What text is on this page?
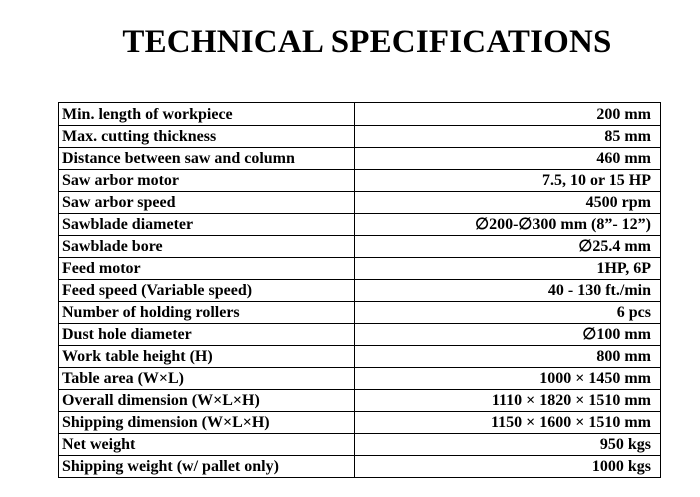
TECHNICAL SPECIFICATIONS
Min. length of workpiece	200 mm
Max. cutting thickness	85 mm
Distance between saw and column	460 mm
Saw arbor motor	7.5, 10 or 15 HP
Saw arbor speed	4500 rpm
Sawblade diameter	∅200-∅300 mm (8”- 12”)
Sawblade bore	∅25.4 mm
Feed motor	1HP, 6P
Feed speed (Variable speed)	40 - 130 ft./min
Number of holding rollers	6 pcs
Dust hole diameter	∅100 mm
Work table height (H)	800 mm
Table area (W×L)	1000 × 1450 mm
Overall dimension (W×L×H)	1110 × 1820 × 1510 mm
Shipping dimension (W×L×H)	1150 × 1600 × 1510 mm
Net weight	950 kgs
Shipping weight (w/ pallet only)	1000 kgs
